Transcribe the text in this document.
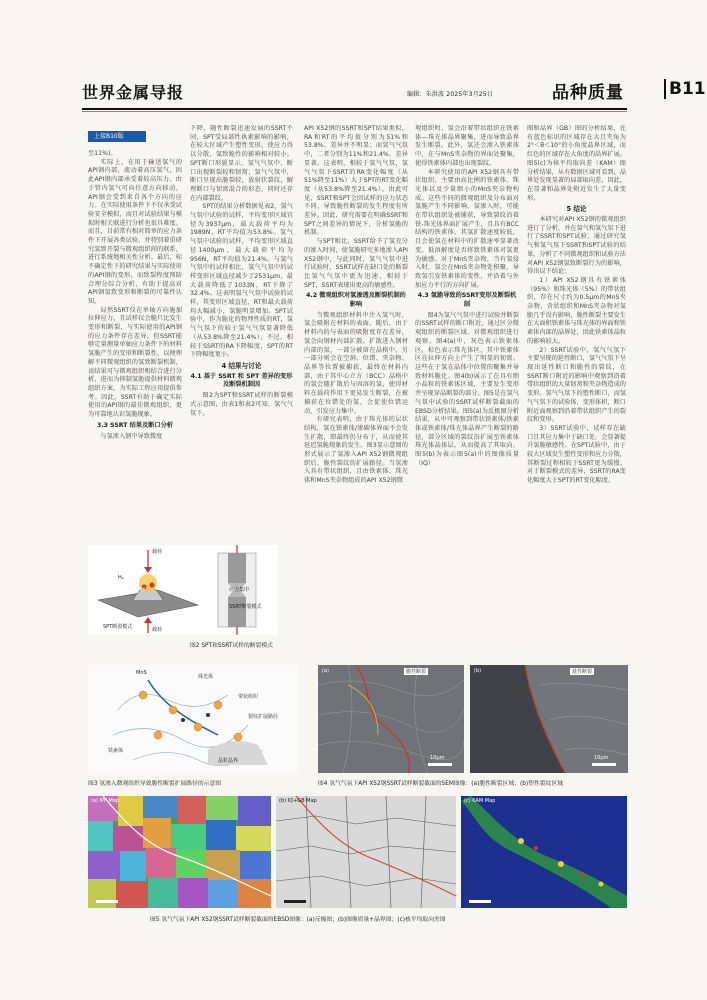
世界金属导报	编辑：朱洪波 2025年3月25日	品种质量	B11
上接B10版

至11%)。

实际上，在用于输送氢气的API钢内部，流动着高压氢气，因此API钢内部承受着较高压力。由于管内氢气可向任意方向移动，API钢会受到来自各个方向的应力。在实际使用条件下不仅承受试验安全模拟，而且对试验结果与模拟时相关联进行分析也很具难度。而且，目前常有相对简单的应力条件下开展各类试验，并特别着重研究氢致开裂与微观组织间的联系，进行系统地相关性分析。最后，标不确定性下的研究结果与实际使用的API钢的变形，而致裂程度预防合理分综合分析，有助于提高对API钢氢致变形和断裂的可靠性认知。

局然SSRT仅在单轴方向施加拉伸应力，且试样仅会脆只比发生变形和断裂，与实际使用的API钢的应力条件存在差异，但SSRT能够定量测量单轴应力条件下的材料氢脆产生的变形和断裂性，以便理解不同微观组织的氢致断裂机制，该结果可与微观组织相结合进行分析，进而为抑制氢脆提供材料微观组织方案，为实际工程应用提供参考。因此，SSRT有助于确定实际使用的API钢的最佳微观组织，更为可靠地认识氢脆现象。

3.3 SSRT 结果及断口分析

与氢渗入钢中导致微度

下降，随性断裂迅速发展的SSRT不同，SPT受局部性执素影响的影响，在较大区域产生塑性变形，使应力得以分散，氢致脆性的影响相对较小。SPT断口形貌显示，氢气气氛中，断口出现断裂较和韧窝；氢气气氛中，断口呈现出脆裂较，放射状裂纹，解理断口与韧窝混合的形态，同时还存在内部裂纹。

SPT的结果分析数据见表2，氢气气氛中试验的试样，平均变形区域宜径为3937μm，最大载荷平均为1989N，RT平均值为53.8%。氢气气氛中试验的试样，平均变形区域直径1400μm，最大载荷平均为956N，RT平均值为21.4%。与氢气气氛中的试样相比，氢气气氛中的试样变形区域直径减少了2531μm，最大载荷降低了1033N，RT下降了32.4%。这表明氢气气氛中试验的试样，其变形区域直径、RT和最大载荷均大幅减小，氢脆明显增加。SPT试验中，作为脆化的物理性质的RT，氢气气氛下的较于氢气气氛显著降低（从53.8%降至21.4%），不过，相较于SSRT的RA下降幅度，SPT的RT下降幅度更小。

4 结果与讨论
4.1 基于 SSRT 和 SPT 差异的变形及断裂机制因

图2为SPT和SSRT试样的断裂模式示意图，由表1和表2可知，氢气气氛下，

API X52钢的SSRT和SPT结果类似，RA和RT的平均值分别为51%和53.8%，差异并不明显；而氢气气氛中，二者分别为11%和21.4%，差异显著。这表明，相较于氢气气氛，氢气气氛下SSRT的RA变化幅度（从51%降至11%）大于SPT的RT变化幅度（从53.8%降至21.4%）。由此可见，SSRT和SPT会因试样的应力状态不同，导致脆性断裂的发生程度有所差异。因此，研究需要在明确SSRT和SPT之间差异的情况下，分析氢脆的机制。

与SPT相比，SSRT给予了氢充分的渗入时间，使氢脆研究多地渗入API X52钢中，与此同时，氢气气氛中进行试验时，SSRT试样在缺口处的断裂比氢气气氛中更为迅速，相较于SPT，SSRT表现出更高的敏感性。

4.2 微观组织对氢渗透及断裂机制的影响

当微观组织材料中注入氢气时，氢会吸附在材料的表面，随后，由于材料内的与表面的吸附度存在差异，氢会向钢材内部扩散。扩散进入钢材内部的氢，一部分被留在晶格中，另一部分则会在空洞、位错、夹杂物、晶界等位置被捕获，最终在材料内部，由于其中心立方（BCC）晶格中的氢会随扩散后与固溶的氢，使得材料在载荷作用下更易发生断裂，在被捕获在位错处的氢，会促使位错运动，引发应力集中。

有研究表明，由于珠光体的层状结构，氢在铁素体/渗碳体界面不会发生扩散，即最终仍分布于，从而使其延迟氢脆现象的发生。图3显示意图的形式展示了氢渗入API X52钢微观组织后，脆性裂纹的扩展路径。当氢渗入具有带状组织，且由铁素体、珠光体和MnS夹杂物组成的API X52钢微

观组织时，氢会沿着带状组织在铁素体—珠光体晶界聚集，进而导致晶界发生断裂。此外，氢还会渗入铁素体中，在与MnS夹杂物的界面处聚集，使得铁素体内部也出现裂纹。

本研究使用的API X52钢具有带状组织，主要由高比例的铁素体、珠光体以及少量细小的MnS夹杂物构成。这些不同的微观组织及分布面对氢脆产生不同影响，氢渗入时，可能在带状组织处被捕获，导致裂纹沿着铁-珠光体界面扩展产生，且具有BCC结构的铁素体，其氢扩散速度较低，且会使氢在材料中的扩散速率显著改变。低溶解度是否将致铁素体对氢更为敏感。对于MnS夹杂物，当有氢侵入时，氢会在MnS夹杂物处积聚，导致氢引发铁素体的变性，并沿着与外加应力平行的方向扩展。

4.3 氢脆导致的SSRT变形及断裂机制

图4为氢气气氛中进行试验并断裂的SSRT试样的断口附近，通过区分微观组织的断裂区域，对微观组织进行观察。图4(a)中，灰色表示铁素体区，棕色表示珠光体区，其中铁素体区在拉伸方向上产生了明显的韧窝。这些在于氢在晶体中位置的聚集并导致材料脆化。图4(b)展示了在具有细小晶粒的铁素体区域，主要发生变形并呈现穿晶断裂的部分。图5是在氢气气氛中试验的SSRT试样断裂截面的EBSD分析结果。图5(a)为反极图分析结果，从中可观察到带状铁素体/铁素体或铁素体/珠光体晶界产生断裂的路径，部分区域的裂纹沿扩展至铁素体珠光体晶体层，从而提高了其取向。图5(b)为表示图5(a)中的图像质量（IQ）

图和晶界（GB）图的分析结果，在有蓝色标识的区域存在大且夹角为2°＜θ＜10°的小角度晶界区域，而红色的区域存在大角度的晶界扩展。图5(c)为核平均取向差（KAM）图分析结果，从有数据区域可看到，晶界处发现显著的局部取向差，因此，在显著和晶界处附近发生了大量变形。

5 结论

本研究对API X52钢的微观组织进行了分析，并在氢气和氢气氛下进行了SSRT和SPT试验，通过研究氢气和氢气氛下SSRT和SPT试验的结果，分析了不同微观组织和试验方法对API X52钢氢致断裂行为的影响，得出以下结论：

1）API X52钢具有铁素体（95%）和珠光体（5%）的带状组织，存在尺寸约为0.5μm的MnS夹杂物，含状组织和MnS夹杂物对氢脆几乎没有影响，脆性断裂主要发生在大面积铁素体与珠光体的界面和铁素体内部的晶界处，因此铁素体晶粒的影响较大。

2）SSRT试验中，氢气气氛下主要呈现的延性断口，氢气气氛下呈现出延性断口和脆性的裂纹，在SSRT断口附近的影响中观察到沿着带状组织的大量韧窝和夹杂物造成的变形。氢气气氛下的塑性断口，而氢气气氛下的试验体，变形体积，断口附近面观察到沿着带状组织产生的裂纹和变形。

3）SSRT试验中，试样存在缺口且其应力集中于缺口处，会显著提升氢脆敏感性。在SPT试验中，由于较大区域发生塑性变形和应力分散，其断裂过程相较于SSRT更为缓慢。对于断裂模式的差异，SSRT的RA变化幅度大于SPT的RT变化幅度。

SPT断裂模式
载荷
载荷
H
H₂
SSRT断裂模式
应力集中
图2 SPT和SSRT试样的断裂模式
MnS
珠光体
带状组织
裂纹扩展路径
铁素体
晶粒晶界
图3 氢渗入微观组织导致脆性断裂扩展路径的示意图
(a)	脆性断裂
10μm
(b)	延性断裂
10μm
图4 氢气气氛下API X52钢SSRT试样断裂截面的SEM图像：(a)脆性断裂区域；(b)塑性裂纹区域
(a) IPF Map	(b) IQ+GB Map	(c) KAM Map
图5 氢气气氛下API X52钢SSRT试样断裂截面的EBSD图像：(a)反极图；(b)图像质量+晶界图；(c)核平均取向差图
